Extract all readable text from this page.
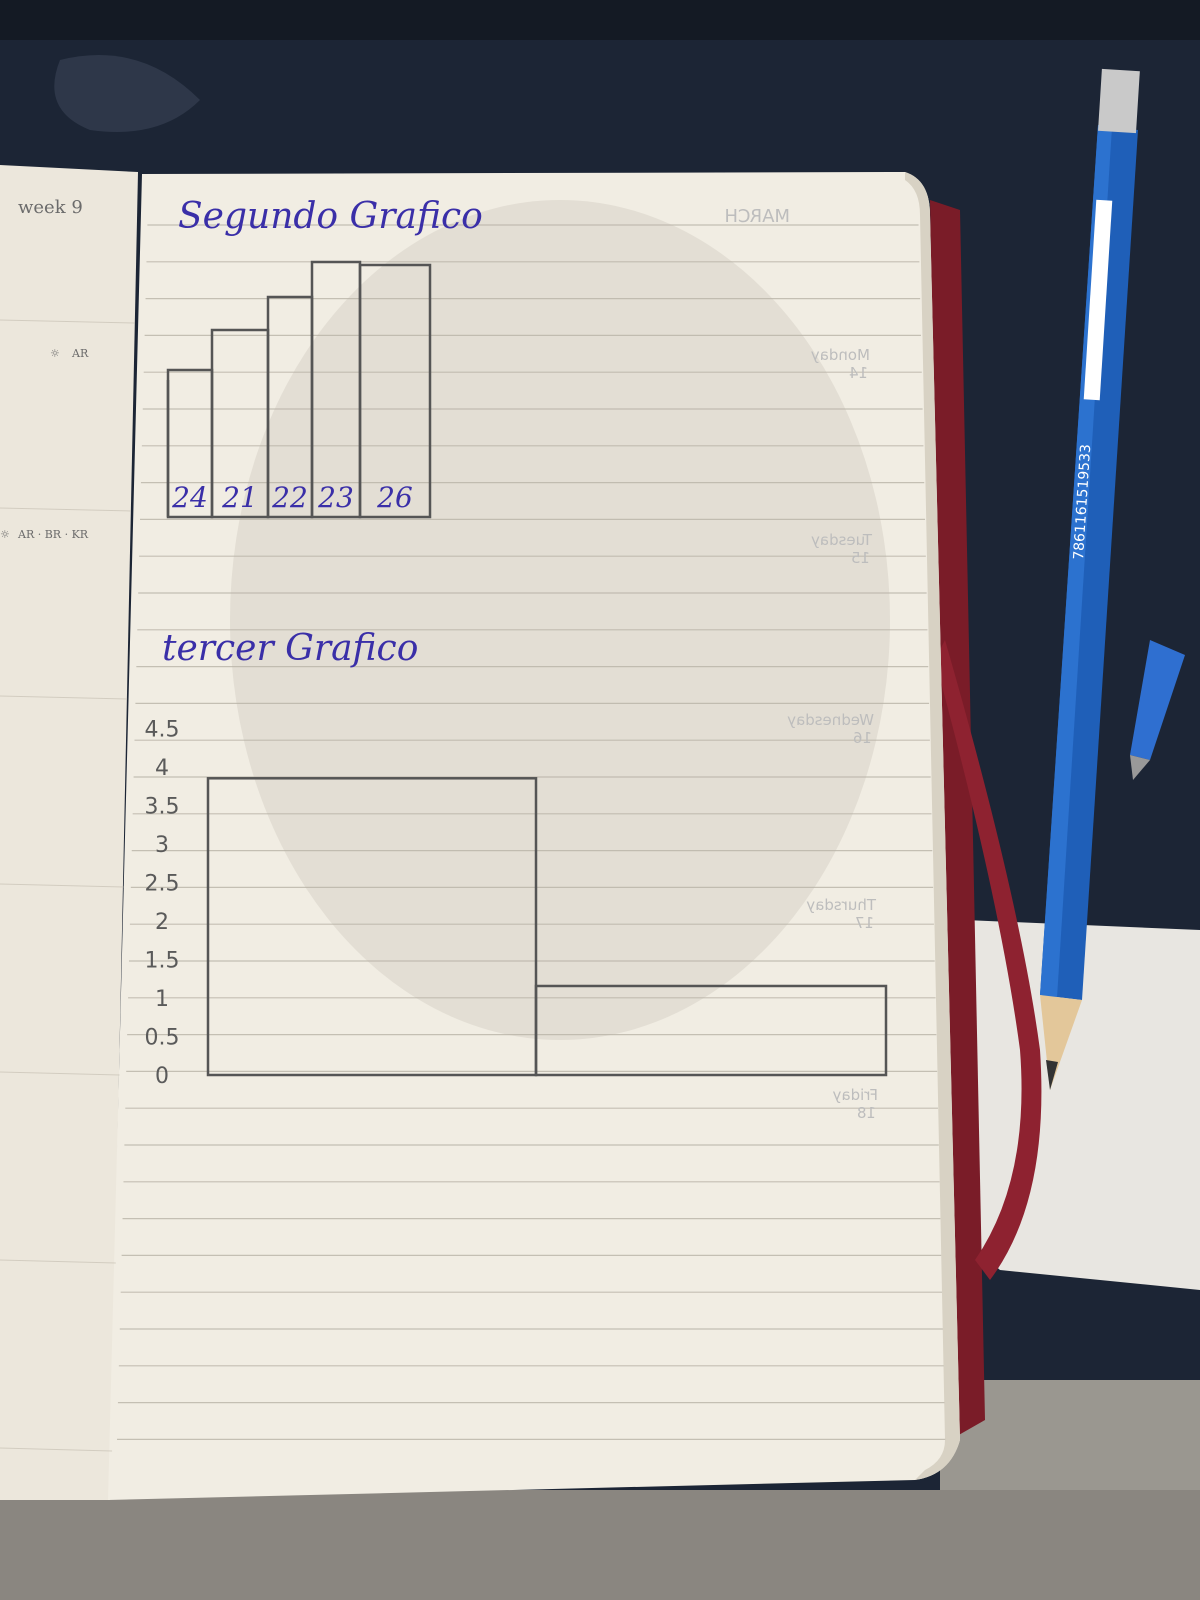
week 9
☼ AR
☼ AR · BR · KR
MARCH
Monday
14
Tuesday
15
Wednesday
16
Thursday
17
Friday
18
Segundo Grafico
24 21 22 23 26
tercer Grafico
0
0.5
1
1.5
2
2.5
3
3.5
4
4.5
7861161519533
